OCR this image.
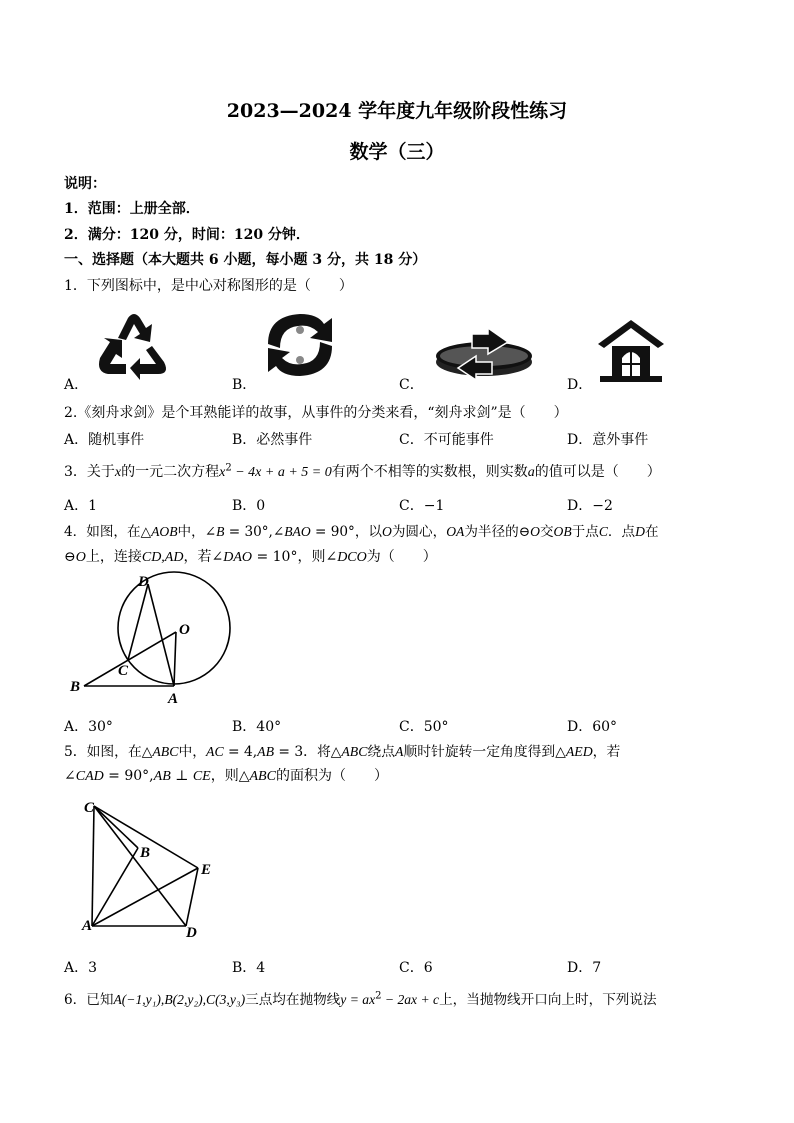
2023—2024 学年度九年级阶段性练习
数学（三）
说明：
1．范围：上册全部．
2．满分：120 分，时间：120 分钟．
一、选择题（本大题共 6 小题，每小题 3 分，共 18 分）
1．下列图标中，是中心对称图形的是（　　）
A．	B．	C．	D．
2.《刻舟求剑》是个耳熟能详的故事，从事件的分类来看，“刻舟求剑”是（　　）
A．随机事件	B．必然事件	C．不可能事件	D．意外事件
3．关于x的一元二次方程$x^2 - 4x + a + 5 = 0$有两个不相等的实数根，则实数a的值可以是（　　）
A．1	B．0	C．−1	D．−2
4．如图，在△AOB中，∠B = 30°,∠BAO = 90°，以O为圆心，OA为半径的⊖O交OB于点C．点D在
⊖O上，连接CD,AD，若∠DAO = 10°，则∠DCO为（　　）
D
O
C
B
A
A．30°	B．40°	C．50°	D．60°
5．如图，在△ABC中，AC = 4,AB = 3．将△ABC绕点A顺时针旋转一定角度得到△AED，若
∠CAD = 90°,AB ⊥ CE，则△ABC的面积为（　　）
C
B
E
A	D
A．3	B．4	C．6	D．7
6．已知A(−1,y₁),B(2,y₂),C(3,y₃)三点均在抛物线$y = ax^2 - 2ax + c$上，当抛物线开口向上时，下列说法
